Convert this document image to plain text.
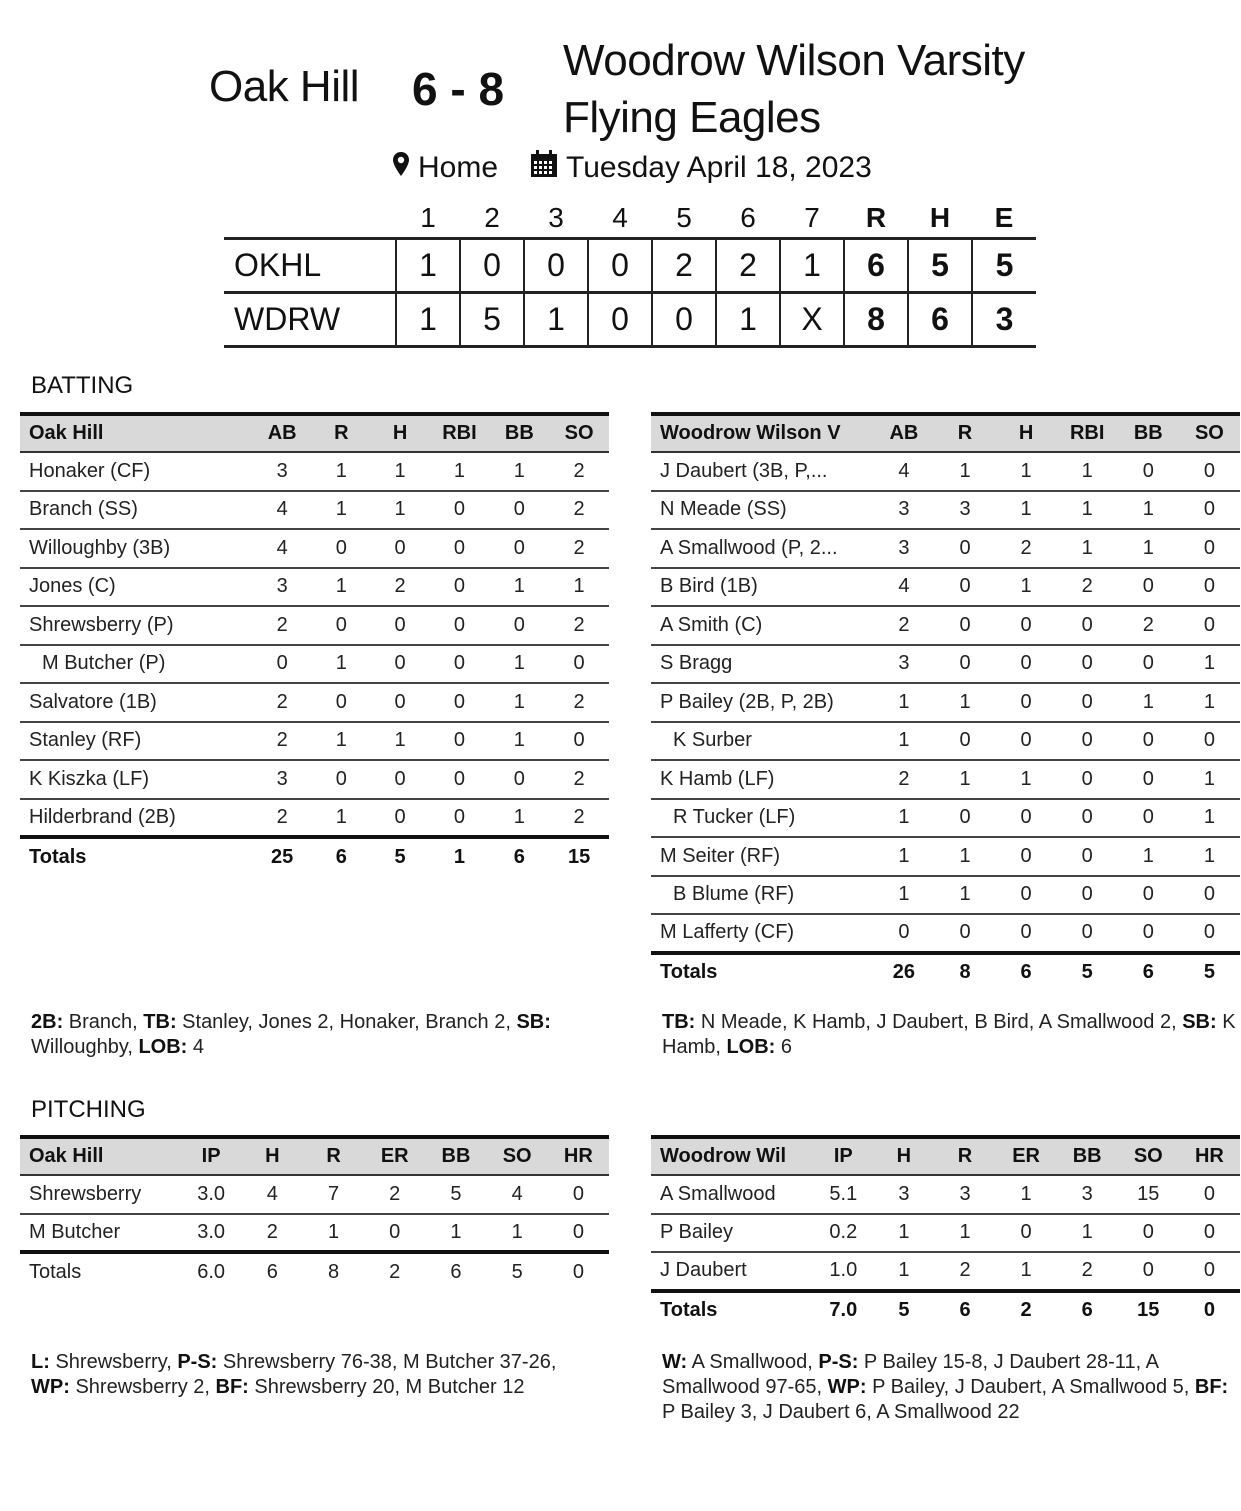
Oak Hill 6 - 8
Woodrow Wilson Varsity
Flying Eagles
Home Tuesday April 18, 2023
	1	2	3	4	5	6	7	R	H	E
OKHL	1	0	0	0	2	2	1	6	5	5
WDRW	1	5	1	0	0	1	X	8	6	3
BATTING
Oak Hill	AB	R	H	RBI	BB	SO
Honaker (CF)	3	1	1	1	1	2
Branch (SS)	4	1	1	0	0	2
Willoughby (3B)	4	0	0	0	0	2
Jones (C)	3	1	2	0	1	1
Shrewsberry (P)	2	0	0	0	0	2
M Butcher (P)	0	1	0	0	1	0
Salvatore (1B)	2	0	0	0	1	2
Stanley (RF)	2	1	1	0	1	0
K Kiszka (LF)	3	0	0	0	0	2
Hilderbrand (2B)	2	1	0	0	1	2
Totals	25	6	5	1	6	15
Woodrow Wilson V	AB	R	H	RBI	BB	SO
J Daubert (3B, P,...	4	1	1	1	0	0
N Meade (SS)	3	3	1	1	1	0
A Smallwood (P, 2...	3	0	2	1	1	0
B Bird (1B)	4	0	1	2	0	0
A Smith (C)	2	0	0	0	2	0
S Bragg	3	0	0	0	0	1
P Bailey (2B, P, 2B)	1	1	0	0	1	1
K Surber	1	0	0	0	0	0
K Hamb (LF)	2	1	1	0	0	1
R Tucker (LF)	1	0	0	0	0	1
M Seiter (RF)	1	1	0	0	1	1
B Blume (RF)	1	1	0	0	0	0
M Lafferty (CF)	0	0	0	0	0	0
Totals	26	8	6	5	6	5
2B: Branch, TB: Stanley, Jones 2, Honaker, Branch 2, SB: Willoughby, LOB: 4
TB: N Meade, K Hamb, J Daubert, B Bird, A Smallwood 2, SB: K Hamb, LOB: 6
PITCHING
Oak Hill	IP	H	R	ER	BB	SO	HR
Shrewsberry	3.0	4	7	2	5	4	0
M Butcher	3.0	2	1	0	1	1	0
Totals	6.0	6	8	2	6	5	0
Woodrow Wil	IP	H	R	ER	BB	SO	HR
A Smallwood	5.1	3	3	1	3	15	0
P Bailey	0.2	1	1	0	1	0	0
J Daubert	1.0	1	2	1	2	0	0
Totals	7.0	5	6	2	6	15	0
L: Shrewsberry, P-S: Shrewsberry 76-38, M Butcher 37-26, WP: Shrewsberry 2, BF: Shrewsberry 20, M Butcher 12
W: A Smallwood, P-S: P Bailey 15-8, J Daubert 28-11, A Smallwood 97-65, WP: P Bailey, J Daubert, A Smallwood 5, BF: P Bailey 3, J Daubert 6, A Smallwood 22
